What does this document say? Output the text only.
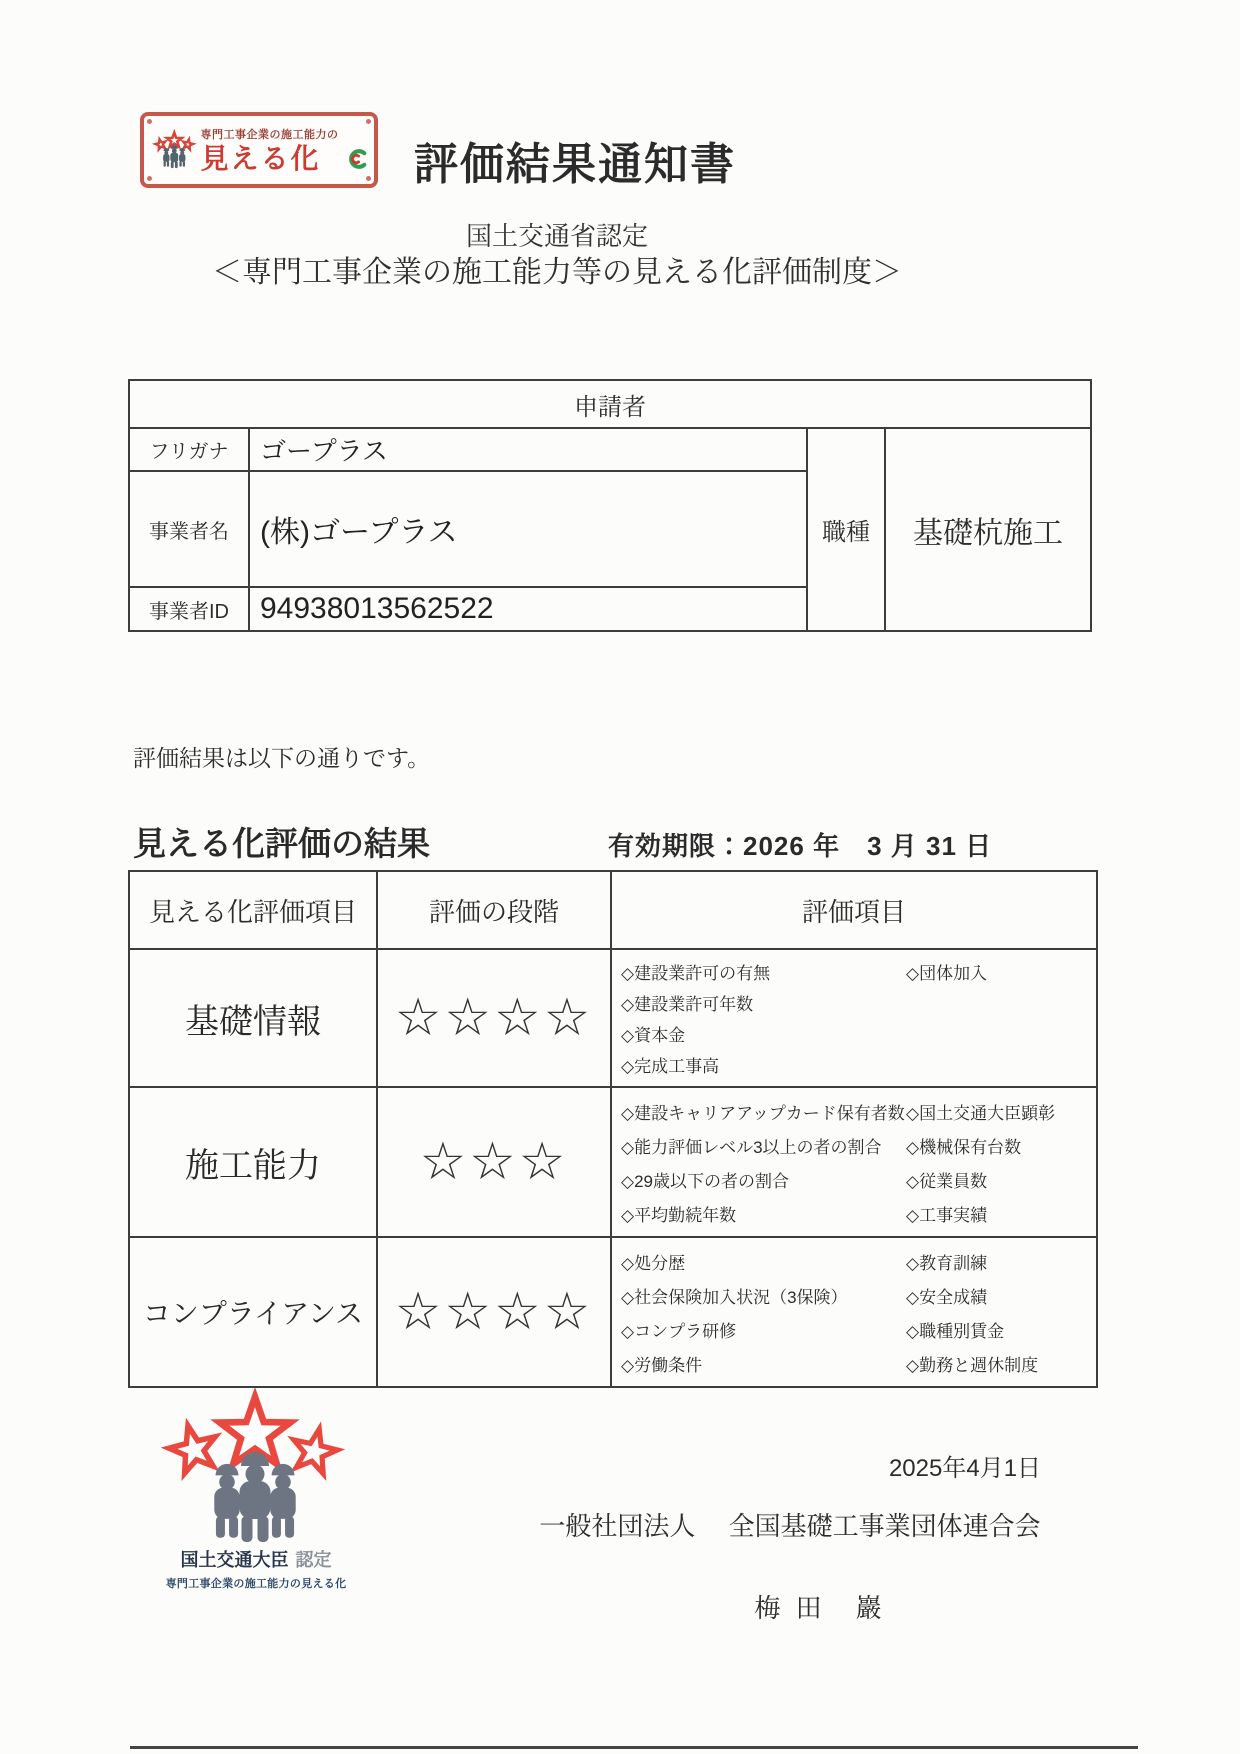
専門工事企業の施工能力の
見える化	評価結果通知書
国土交通省認定
＜専門工事企業の施工能力等の見える化評価制度＞
申請者			
フリガナ	ゴープラス	職種	基礎杭施工
事業者名	(株)ゴープラス		
事業者ID	94938013562522		
評価結果は以下の通りです。
見える化評価の結果	有効期限：2026 年　3 月 31 日
見える化評価項目	評価の段階	評価項目
基礎情報	☆☆☆☆	◇建設業許可の有無 ◇団体加入
◇建設業許可年数
◇資本金
◇完成工事高

施工能力	☆☆☆	
◇建設キャリアアップカード保有者数 ◇国土交通大臣顕彰
◇能力評価レベル3以上の者の割合	◇機械保有台数
◇29歳以下の者の割合	◇従業員数
◇平均勤続年数	◇工事実績

コンプライアンス	☆☆☆☆	
◇処分歴	◇教育訓練
◇社会保険加入状況（3保険）	◇安全成績
◇コンプラ研修	◇職種別賃金
◇労働条件	◇勤務と週休制度
国土交通大臣 認定
専門工事企業の施工能力の見える化
2025年4月1日
一般社団法人　 全国基礎工事業団体連合会
梅 田　巖
